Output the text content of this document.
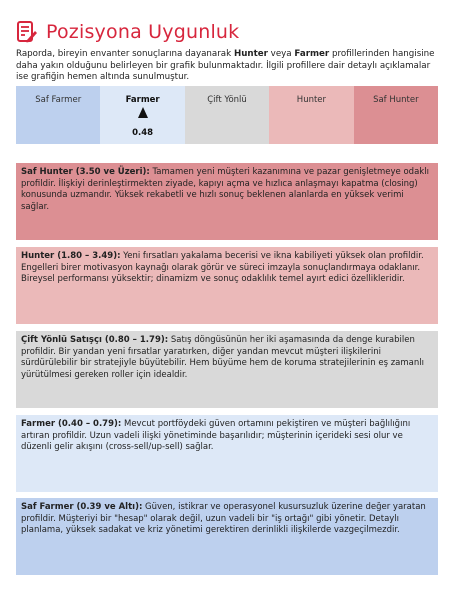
Pozisyona Uygunluk

Raporda, bireyin envanter sonuçlarına dayanarak Hunter veya Farmer profillerinden hangisine daha yakın olduğunu belirleyen bir grafik bulunmaktadır. İlgili profillere dair detaylı açıklamalar ise grafiğin hemen altında sunulmuştur.

Saf Farmer	Farmer
0.48
Çift Yönlü	Hunter	Saf Hunter
Saf Hunter (3.50 ve Üzeri): Tamamen yeni müşteri kazanımına ve pazar genişletmeye odaklı profildir. İlişkiyi derinleştirmekten ziyade, kapıyı açma ve hızlıca anlaşmayı kapatma (closing) konusunda uzmandır. Yüksek rekabetli ve hızlı sonuç beklenen alanlarda en yüksek verimi sağlar.
Hunter (1.80 – 3.49): Yeni fırsatları yakalama becerisi ve ikna kabiliyeti yüksek olan profildir. Engelleri birer motivasyon kaynağı olarak görür ve süreci imzayla sonuçlandırmaya odaklanır. Bireysel performansı yüksektir; dinamizm ve sonuç odaklılık temel ayırt edici özellikleridir.
Çift Yönlü Satışçı (0.80 – 1.79): Satış döngüsünün her iki aşamasında da denge kurabilen profildir. Bir yandan yeni fırsatlar yaratırken, diğer yandan mevcut müşteri ilişkilerini sürdürülebilir bir stratejiyle büyütebilir. Hem büyüme hem de koruma stratejilerinin eş zamanlı yürütülmesi gereken roller için idealdir.
Farmer (0.40 – 0.79): Mevcut portföydeki güven ortamını pekiştiren ve müşteri bağlılığını artıran profildir. Uzun vadeli ilişki yönetiminde başarılıdır; müşterinin içerideki sesi olur ve düzenli gelir akışını (cross-sell/up-sell) sağlar.
Saf Farmer (0.39 ve Altı): Güven, istikrar ve operasyonel kusursuzluk üzerine değer yaratan profildir. Müşteriyi bir "hesap" olarak değil, uzun vadeli bir "iş ortağı" gibi yönetir. Detaylı planlama, yüksek sadakat ve kriz yönetimi gerektiren derinlikli ilişkilerde vazgeçilmezdir.
